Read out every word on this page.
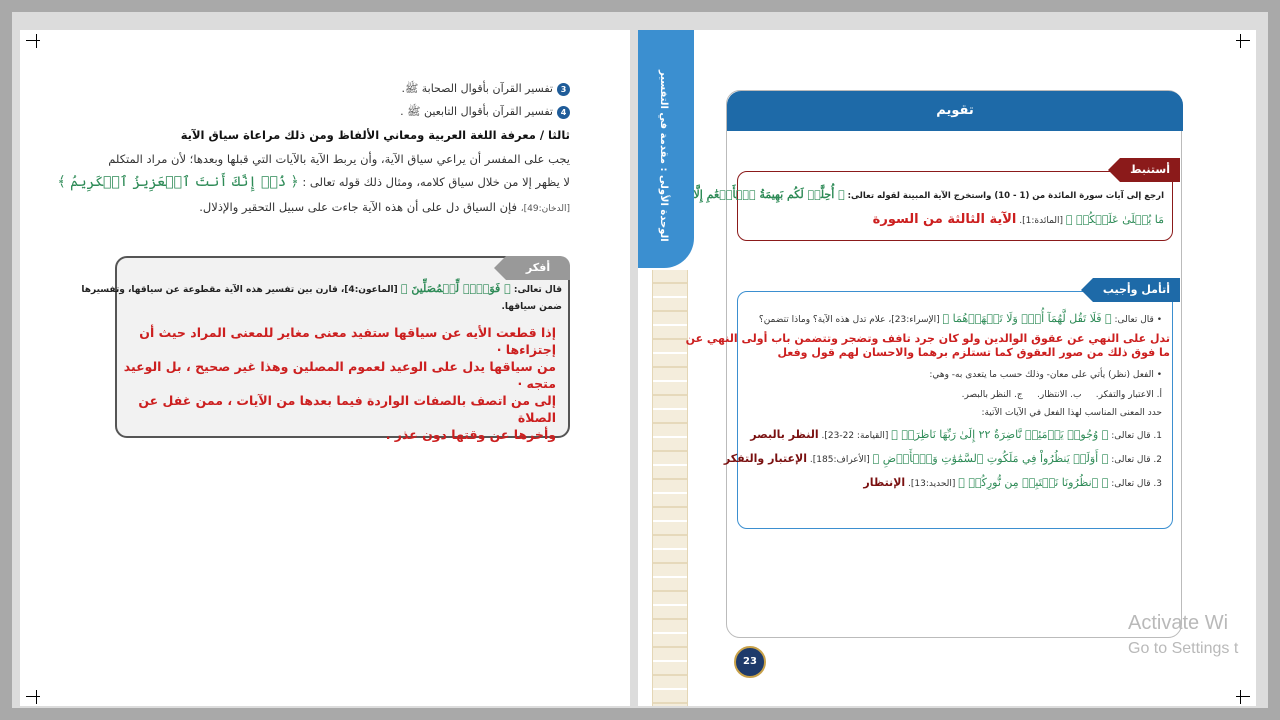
3تفسير القرآن بأقوال الصحابة ﷺ.
4تفسير القرآن بأقوال التابعين ﷺ .
ثالثا / معرفة اللغة العربية ومعاني الألفاظ ومن ذلك مراعاة سياق الآية
يجب على المفسر أن يراعي سياق الآية، وأن يربط الآية بالآيات التي قبلها وبعدها؛ لأن مراد المتكلم
لا يظهر إلا من خلال سياق كلامه، ومثال ذلك قوله تعالى : ﴿ ذُقۡ إِنَّكَ أَنتَ ٱلۡعَزِيزُ ٱلۡكَرِيمُ ﴾
[الدخان:49]، فإن السياق دل على أن هذه الآية جاءت على سبيل التحقير والإذلال.
أفكر
قال تعالى: ﴿ فَوَيۡلٞ لِّلۡمُصَلِّينَ ﴾ [الماعون:4]، قارن بين تفسير هذه الآية مقطوعة عن سياقها، وتفسيرها
ضمن سياقها.
إذا قطعت الأيه عن سياقها ستفيد معنى مغاير للمعنى المراد حيث أن إجتزاءها ·
من سياقها يدل على الوعيد لعموم المصلين وهذا غير صحيح ، بل الوعيد متجه ·
إلى من اتصف بالصفات الواردة فيما بعدها من الآيات ، ممن غفل عن الصلاة
وأخرها عن وقتها دون عذر .
الوحدة الأولى : مقدمة في التفسير	تقويم
أستنبط
ارجع إلى آيات سورة المائدة من (1 - 10) واستخرج الآية المبينة لقوله تعالى: ﴿ أُحِلَّتۡ لَكُم بَهِيمَةُ ٱلۡأَنۡعَٰمِ إِلَّا
مَا يُتۡلَىٰ عَلَيۡكُمۡ ﴾ [المائدة:1]. الآية الثالثة من السورة
أتأمل وأجيب
• قال تعالى: ﴿ فَلَا تَقُل لَّهُمَآ أُفّٖ وَلَا تَنۡهَرۡهُمَا ﴾ [الإسراء:23]، علام تدل هذه الآية؟ وماذا تتضمن؟
تدل على النهي عن عقوق الوالدين ولو كان جرد تافف وتضجر وتتضمن باب أولى النهي عن
ما فوق ذلك من صور العقوق كما تستلزم برهما والاحسان لهم قول وفعل
• الفعل (نظر) يأتي على معان- وذلك حسب ما يتعدى به- وهي:
أ. الاعتبار والتفكر.     ب. الانتظار.     ج. النظر بالبصر.
حدد المعنى المناسب لهذا الفعل في الآيات الآتية:
1. قال تعالى: ﴿ وُجُوهٞ يَوۡمَئِذٖ نَّاضِرَةٌ ٢٢ إِلَىٰ رَبِّهَا نَاظِرَةٞ ﴾ [القيامة: 22-23]. النظر بالبصر
2. قال تعالى: ﴿ أَوَلَمۡ يَنظُرُواْ فِي مَلَكُوتِ ٱلسَّمَٰوَٰتِ وَٱلۡأَرۡضِ ﴾ [الأعراف:185]. الإعتبار والتفكر
3. قال تعالى: ﴿ ٱنظُرُونَا نَقۡتَبِسۡ مِن نُّورِكُمۡ ﴾ [الحديد:13]. الإنتظار
23
Activate Wi
Go to Settings t
